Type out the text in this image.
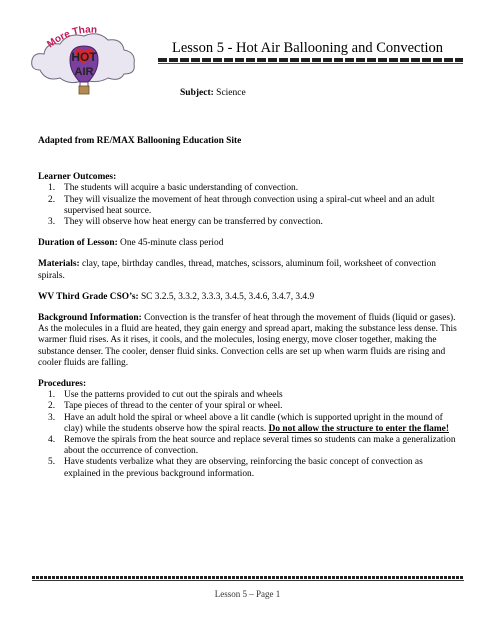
More Than
HOT
AIR
Lesson 5 - Hot Air Ballooning and Convection
Subject: Science

Adapted from RE/MAX Ballooning Education Site

Learner Outcomes:

1. The students will acquire a basic understanding of convection.
2. They will visualize the movement of heat through convection using a spiral-cut wheel and an adult supervised heat source.
3. They will observe how heat energy can be transferred by convection.

Duration of Lesson: One 45-minute class period

Materials: clay, tape, birthday candles, thread, matches, scissors, aluminum foil, worksheet of convection spirals.

WV Third Grade CSO’s: SC 3.2.5, 3.3.2, 3.3.3, 3.4.5, 3.4.6, 3.4.7, 3.4.9

Background Information: Convection is the transfer of heat through the movement of fluids (liquid or gases). As the molecules in a fluid are heated, they gain energy and spread apart, making the substance less dense. This warmer fluid rises. As it rises, it cools, and the molecules, losing energy, move closer together, making the substance denser. The cooler, denser fluid sinks. Convection cells are set up when warm fluids are rising and cooler fluids are falling.

Procedures:

1. Use the patterns provided to cut out the spirals and wheels
2. Tape pieces of thread to the center of your spiral or wheel.
3. Have an adult hold the spiral or wheel above a lit candle (which is supported upright in the mound of clay) while the students observe how the spiral reacts. Do not allow the structure to enter the flame!
4. Remove the spirals from the heat source and replace several times so students can make a generalization about the occurrence of convection.
5. Have students verbalize what they are observing, reinforcing the basic concept of convection as explained in the previous background information.
Lesson 5 – Page 1
